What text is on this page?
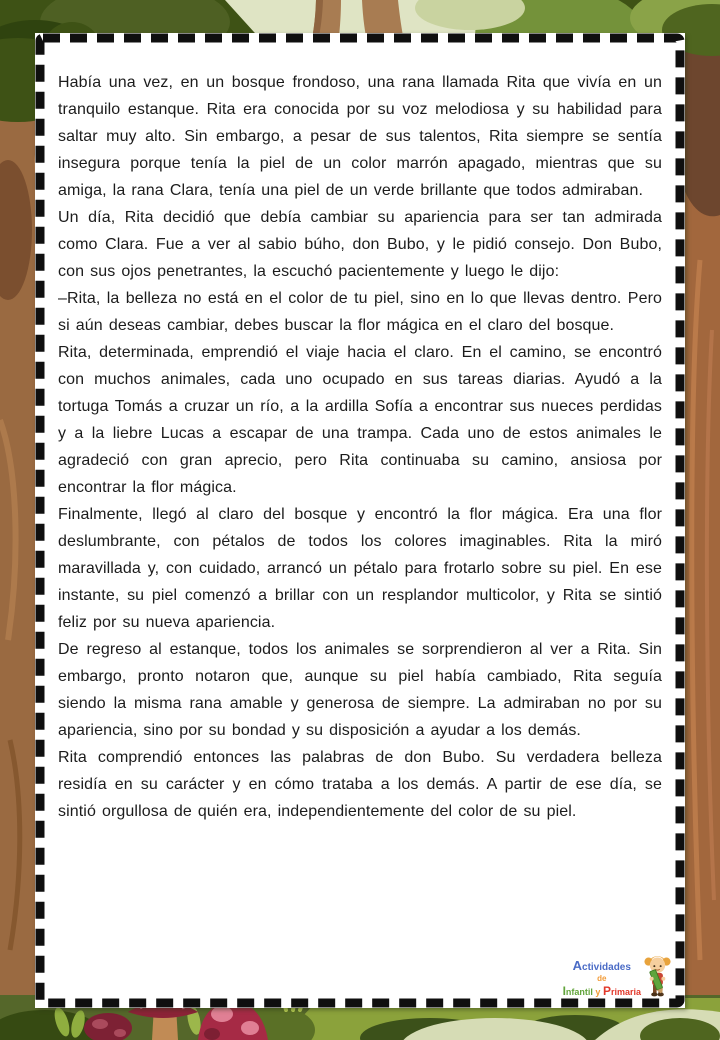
Había una vez, en un bosque frondoso, una rana llamada Rita que vivía en un tranquilo estanque. Rita era conocida por su voz melodiosa y su habilidad para saltar muy alto. Sin embargo, a pesar de sus talentos, Rita siempre se sentía insegura porque tenía la piel de un color marrón apagado, mientras que su amiga, la rana Clara, tenía una piel de un verde brillante que todos admiraban.

Un día, Rita decidió que debía cambiar su apariencia para ser tan admirada como Clara. Fue a ver al sabio búho, don Bubo, y le pidió consejo. Don Bubo, con sus ojos penetrantes, la escuchó pacientemente y luego le dijo:

–Rita, la belleza no está en el color de tu piel, sino en lo que llevas dentro. Pero si aún deseas cambiar, debes buscar la flor mágica en el claro del bosque.

Rita, determinada, emprendió el viaje hacia el claro. En el camino, se encontró con muchos animales, cada uno ocupado en sus tareas diarias. Ayudó a la tortuga Tomás a cruzar un río, a la ardilla Sofía a encontrar sus nueces perdidas y a la liebre Lucas a escapar de una trampa. Cada uno de estos animales le agradeció con gran aprecio, pero Rita continuaba su camino, ansiosa por encontrar la flor mágica.

Finalmente, llegó al claro del bosque y encontró la flor mágica. Era una flor deslumbrante, con pétalos de todos los colores imaginables. Rita la miró maravillada y, con cuidado, arrancó un pétalo para frotarlo sobre su piel. En ese instante, su piel comenzó a brillar con un resplandor multicolor, y Rita se sintió feliz por su nueva apariencia.

De regreso al estanque, todos los animales se sorprendieron al ver a Rita. Sin embargo, pronto notaron que, aunque su piel había cambiado, Rita seguía siendo la misma rana amable y generosa de siempre. La admiraban no por su apariencia, sino por su bondad y su disposición a ayudar a los demás.

Rita comprendió entonces las palabras de don Bubo. Su verdadera belleza residía en su carácter y en cómo trataba a los demás. A partir de ese día, se sintió orgullosa de quién era, independientemente del color de su piel.

Actividades
de
Infantil y Primaria
